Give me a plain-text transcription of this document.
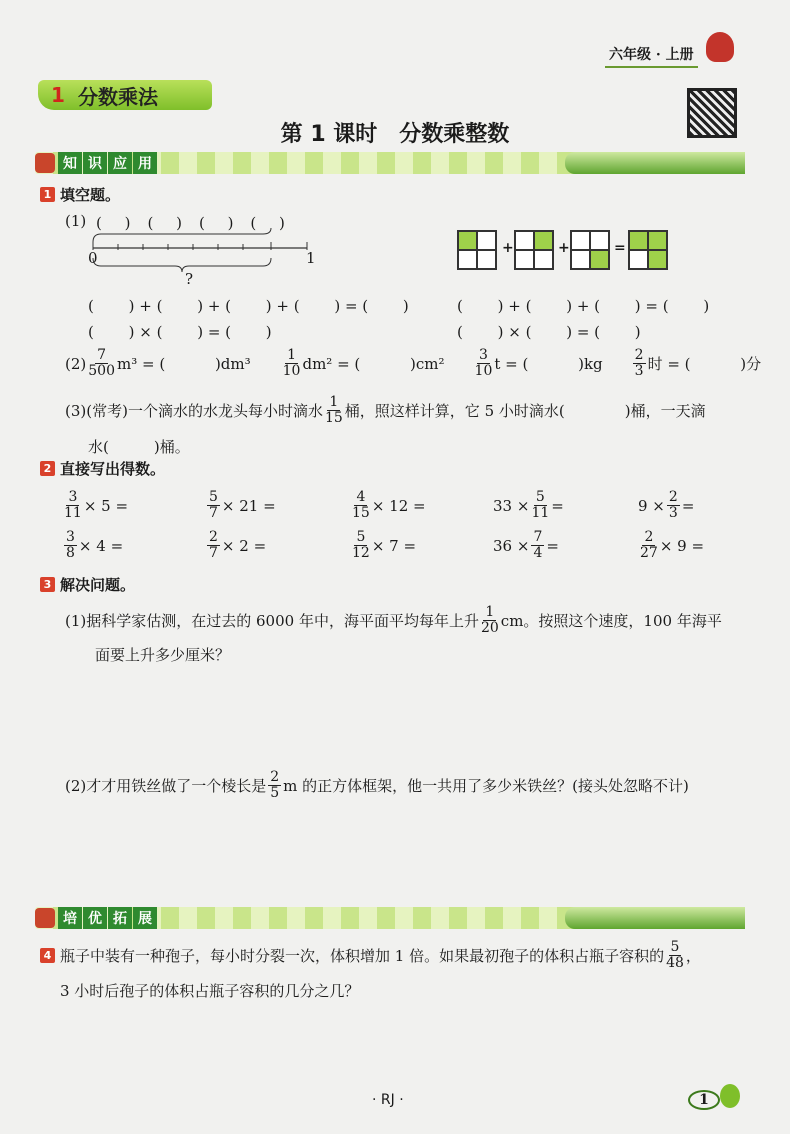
六年级 · 上册
1 分数乘法
第 1 课时　分数乘整数
知 识 应 用
1 填空题。
(1) (　 )　(　 )　(　 )　(　 )
0	1
?
+	+	=
(　　 ) + (　　 ) + (　　 ) + (　　 ) = (　　 )
(　　 ) × (　　 ) = (　　 )
(　　 ) + (　　 ) + (　　 ) = (　　 )
(　　 ) × (　　 ) = (　　 )
$(2) \frac{7}{500} m^3$ = (　　　 )$dm^3 \frac{1}{10} dm^2$ = (　　　 )$cm^2 \frac{3}{10}$ t = (　　　 )$kg \frac{2}{3}$ 时 = (　　　 )分
(3)(常考)一个滴水的水龙头每小时滴水 $\frac{1}{15}$ 桶，照这样计算，它 5 小时滴水(　　　　)桶，一天滴
水(　　　)桶。
2 直接写出得数。
$\frac{3}{11} \times 5$ =	$\frac{5}{7} \times 21$ =	$\frac{4}{15} \times 12$ =	$33 \times \frac{5}{11}$ =	$9 \times \frac{2}{3}$ =
$\frac{3}{8} \times 4$ =	$\frac{2}{7} \times 2$ =	$\frac{5}{12} \times 7$ =	$36 \times \frac{7}{4}$ =	$\frac{2}{27} \times 9$ =
3 解决问题。
(1)据科学家估测，在过去的 6000 年中，海平面平均每年上升 $\frac{1}{20}$ cm。按照这个速度，100 年海平
面要上升多少厘米？
(2)才才用铁丝做了一个棱长是 $\frac{2}{5}$ m 的正方体框架，他一共用了多少米铁丝？(接头处忽略不计)
培 优 拓 展
4 瓶子中装有一种孢子，每小时分裂一次，体积增加 1 倍。如果最初孢子的体积占瓶子容积的 $\frac{5}{48}$ ，
3 小时后孢子的体积占瓶子容积的几分之几？
· RJ ·	1
